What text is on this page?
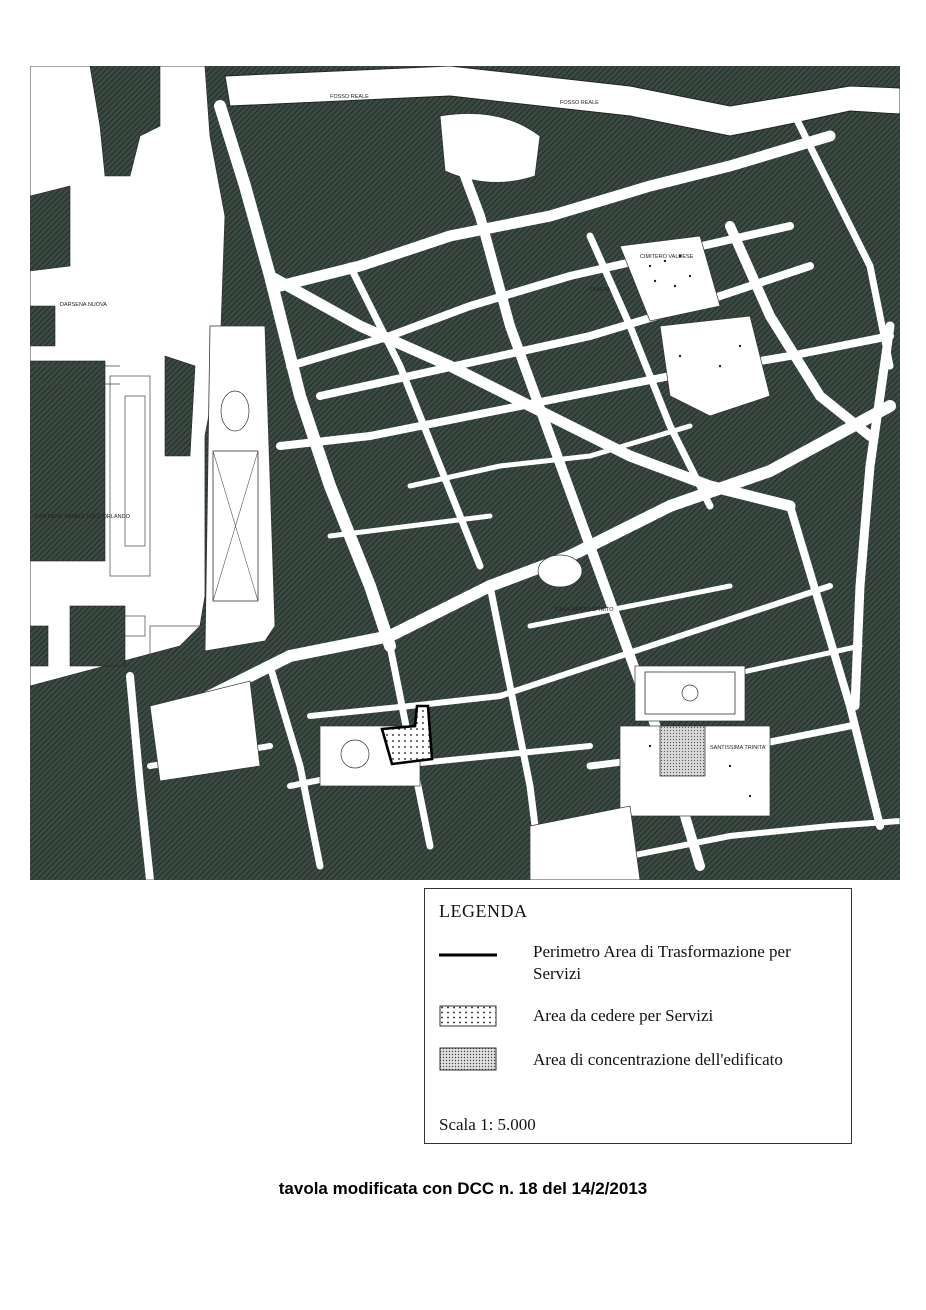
FOSSO REALE
FOSSO REALE
DARSENA NUOVA
CANTIERE NAVALE LUIGI ORLANDO
CIMITERO VALDESE
SANTISSIMA TRINITA'
CASA SANTO SPIRITO
CHIESA
LEGENDA
Perimetro Area di Trasformazione per Servizi
Area da cedere per Servizi
Area di concentrazione dell'edificato
Scala 1: 5.000
tavola modificata con DCC n. 18 del 14/2/2013
